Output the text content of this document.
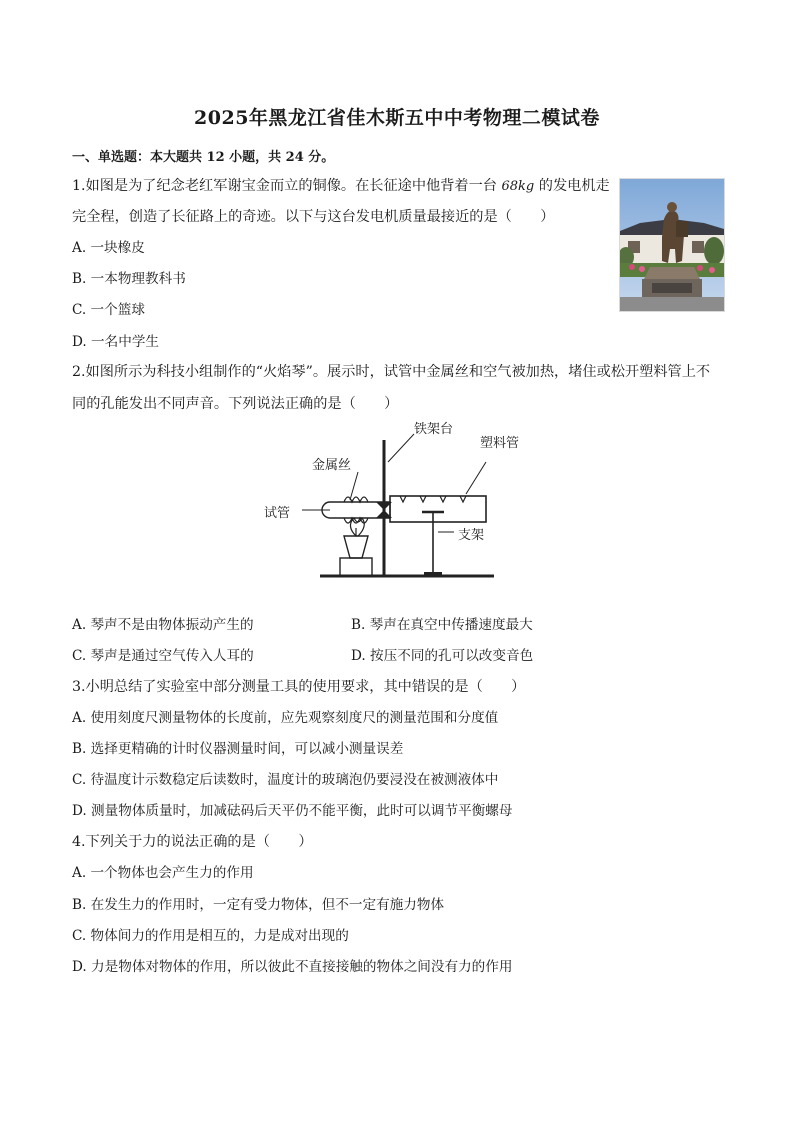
2025年黑龙江省佳木斯五中中考物理二模试卷
一、单选题：本大题共 12 小题，共 24 分。
1.如图是为了纪念老红军谢宝金而立的铜像。在长征途中他背着一台 68kg 的发电机走
完全程，创造了长征路上的奇迹。以下与这台发电机质量最接近的是（　　）
A. 一块橡皮
B. 一本物理教科书
C. 一个篮球
D. 一名中学生
2.如图所示为科技小组制作的“火焰琴”。展示时，试管中金属丝和空气被加热，堵住或松开塑料管上不
同的孔能发出不同声音。下列说法正确的是（　　）
铁架台
塑料管
金属丝
试管
支架
A. 琴声不是由物体振动产生的	B. 琴声在真空中传播速度最大
C. 琴声是通过空气传入人耳的	D. 按压不同的孔可以改变音色
3.小明总结了实验室中部分测量工具的使用要求，其中错误的是（　　）
A. 使用刻度尺测量物体的长度前，应先观察刻度尺的测量范围和分度值
B. 选择更精确的计时仪器测量时间，可以减小测量误差
C. 待温度计示数稳定后读数时，温度计的玻璃泡仍要浸没在被测液体中
D. 测量物体质量时，加减砝码后天平仍不能平衡，此时可以调节平衡螺母
4.下列关于力的说法正确的是（　　）
A. 一个物体也会产生力的作用
B. 在发生力的作用时，一定有受力物体，但不一定有施力物体
C. 物体间力的作用是相互的，力是成对出现的
D. 力是物体对物体的作用，所以彼此不直接接触的物体之间没有力的作用
